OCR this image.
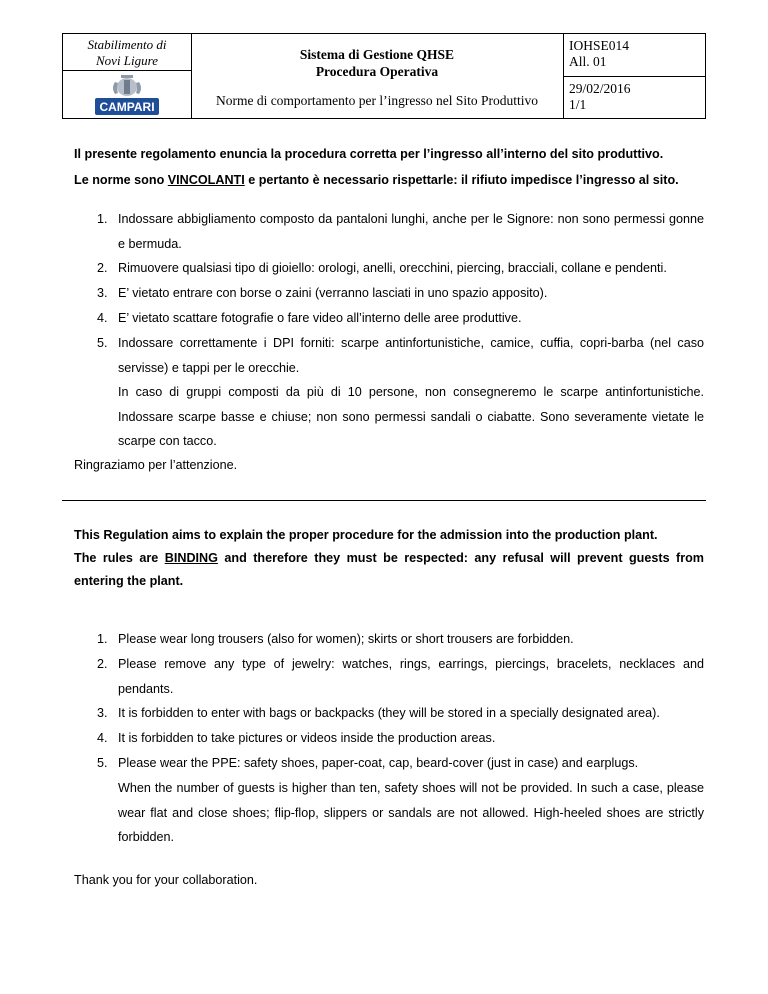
Stabilimento di
Novi Ligure
CAMPARI
Sistema di Gestione QHSE
Procedura Operativa
Norme di comportamento per l’ingresso nel Sito Produttivo
IOHSE014
All. 01
29/02/2016
1/1
Il presente regolamento enuncia la procedura corretta per l’ingresso all’interno del sito produttivo.
Le norme sono VINCOLANTI e pertanto è necessario rispettarle: il rifiuto impedisce l’ingresso al sito.
1. Indossare abbigliamento composto da pantaloni lunghi, anche per le Signore: non sono permessi gonne e bermuda.
2. Rimuovere qualsiasi tipo di gioiello: orologi, anelli, orecchini, piercing, bracciali, collane e pendenti.
3. E’ vietato entrare con borse o zaini (verranno lasciati in uno spazio apposito).
4. E’ vietato scattare fotografie o fare video all’interno delle aree produttive.
5. Indossare correttamente i DPI forniti: scarpe antinfortunistiche, camice, cuffia, copri-barba (nel caso servisse) e tappi per le orecchie.
In caso di gruppi composti da più di 10 persone, non consegneremo le scarpe antinfortunistiche. Indossare scarpe basse e chiuse; non sono permessi sandali o ciabatte. Sono severamente vietate le scarpe con tacco.
Ringraziamo per l’attenzione.
This Regulation aims to explain the proper procedure for the admission into the production plant.
The rules are BINDING and therefore they must be respected: any refusal will prevent guests from entering the plant.
1. Please wear long trousers (also for women); skirts or short trousers are forbidden.
2. Please remove any type of jewelry: watches, rings, earrings, piercings, bracelets, necklaces and pendants.
3. It is forbidden to enter with bags or backpacks (they will be stored in a specially designated area).
4. It is forbidden to take pictures or videos inside the production areas.
5. Please wear the PPE: safety shoes, paper-coat, cap, beard-cover (just in case) and earplugs.
When the number of guests is higher than ten, safety shoes will not be provided. In such a case, please wear flat and close shoes; flip-flop, slippers or sandals are not allowed. High-heeled shoes are strictly forbidden.
Thank you for your collaboration.
